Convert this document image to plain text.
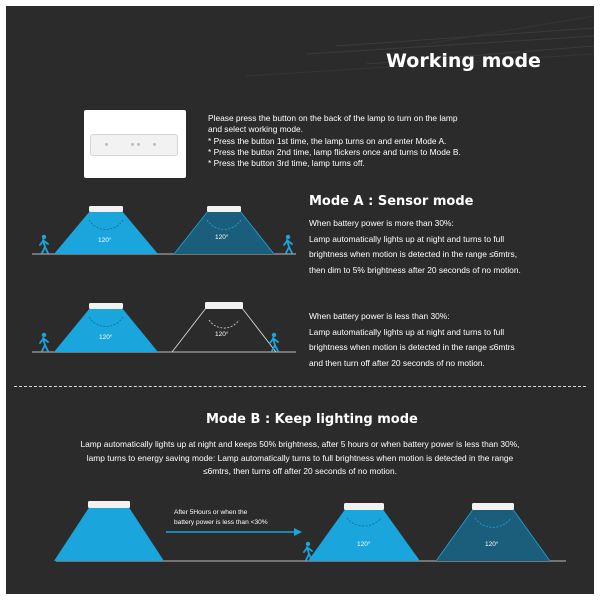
Working mode
Please press the button on the back of the lamp to turn on the lamp
and select working mode.
* Press the button 1st time, the lamp turns on and enter Mode A.
* Press the button 2nd time, lamp flickers once and turns to Mode B.
* Press the button 3rd time, lamp turns off.
Mode A : Sensor mode
When battery power is more than 30%:
Lamp automatically lights up at night and turns to full
brightness when motion is detected in the range ≤6mtrs,
then dim to 5% brightness after 20 seconds of no motion.
When battery power is less than 30%:
Lamp automatically lights up at night and turns to full
brightness when motion is detected in the range ≤6mtrs
and then turn off after 20 seconds of no motion.
Mode B : Keep lighting mode
Lamp automatically lights up at night and keeps 50% brightness, after 5 hours or when battery power is less than 30%,
lamp turns to energy saving mode: Lamp automatically turns to full brightness when motion is detected in the range
≤6mtrs, then turns off after 20 seconds of no motion.
After 5Hours or when the
battery power is less than <30%
120°	120°
120°	120°
120°	120°
